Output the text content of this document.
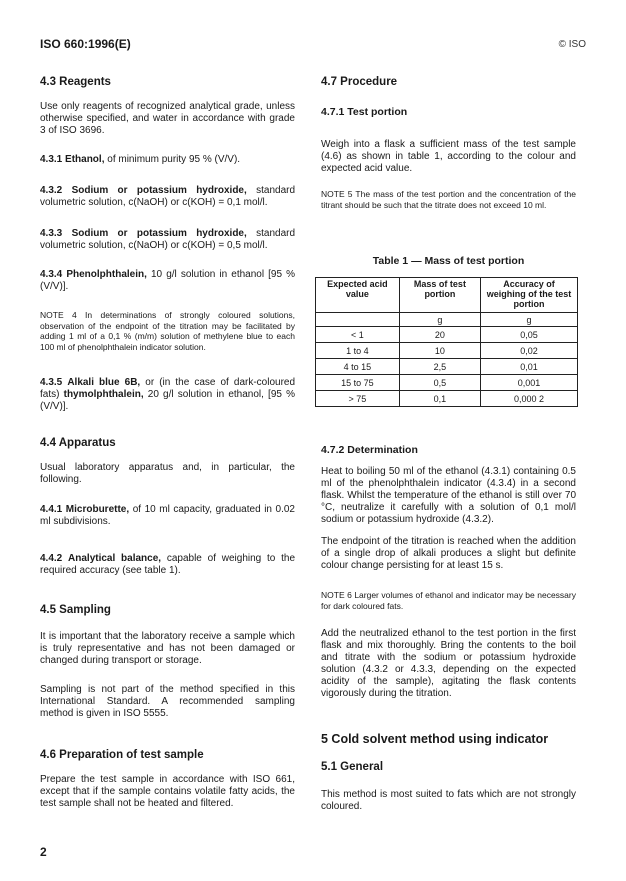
ISO 660:1996(E)	© ISO
4.3 Reagents
Use only reagents of recognized analytical grade, unless otherwise specified, and water in accordance with grade 3 of ISO 3696.
4.3.1 Ethanol, of minimum purity 95 % (V/V).
4.3.2 Sodium or potassium hydroxide, standard volumetric solution, c(NaOH) or c(KOH) = 0,1 mol/l.
4.3.3 Sodium or potassium hydroxide, standard volumetric solution, c(NaOH) or c(KOH) = 0,5 mol/l.
4.3.4 Phenolphthalein, 10 g/l solution in ethanol [95 % (V/V)].
NOTE 4 In determinations of strongly coloured solutions, observation of the endpoint of the titration may be facilitated by adding 1 ml of a 0,1 % (m/m) solution of methylene blue to each 100 ml of phenolphthalein indicator solution.
4.3.5 Alkali blue 6B, or (in the case of dark-coloured fats) thymolphthalein, 20 g/l solution in ethanol, [95 % (V/V)].
4.4 Apparatus
Usual laboratory apparatus and, in particular, the following.
4.4.1 Microburette, of 10 ml capacity, graduated in 0.02 ml subdivisions.
4.4.2 Analytical balance, capable of weighing to the required accuracy (see table 1).
4.5 Sampling
It is important that the laboratory receive a sample which is truly representative and has not been damaged or changed during transport or storage.
Sampling is not part of the method specified in this International Standard. A recommended sampling method is given in ISO 5555.
4.6 Preparation of test sample
Prepare the test sample in accordance with ISO 661, except that if the sample contains volatile fatty acids, the test sample shall not be heated and filtered.
4.7 Procedure
4.7.1 Test portion
Weigh into a flask a sufficient mass of the test sample (4.6) as shown in table 1, according to the colour and expected acid value.
NOTE 5 The mass of the test portion and the concentration of the titrant should be such that the titrate does not exceed 10 ml.
Table 1 — Mass of test portion
Expected acid value	Mass of test portion	Accuracy of weighing of the test portion
	g	g
< 1	20	0,05
1 to 4	10	0,02
4 to 15	2,5	0,01
15 to 75	0,5	0,001
> 75	0,1	0,000 2
4.7.2 Determination
Heat to boiling 50 ml of the ethanol (4.3.1) containing 0.5 ml of the phenolphthalein indicator (4.3.4) in a second flask. Whilst the temperature of the ethanol is still over 70 °C, neutralize it carefully with a solution of 0,1 mol/l sodium or potassium hydroxide (4.3.2).
The endpoint of the titration is reached when the addition of a single drop of alkali produces a slight but definite colour change persisting for at least 15 s.
NOTE 6 Larger volumes of ethanol and indicator may be necessary for dark coloured fats.
Add the neutralized ethanol to the test portion in the first flask and mix thoroughly. Bring the contents to the boil and titrate with the sodium or potassium hydroxide solution (4.3.2 or 4.3.3, depending on the expected acidity of the sample), agitating the flask contents vigorously during the titration.
5 Cold solvent method using indicator
5.1 General
This method is most suited to fats which are not strongly coloured.
2
